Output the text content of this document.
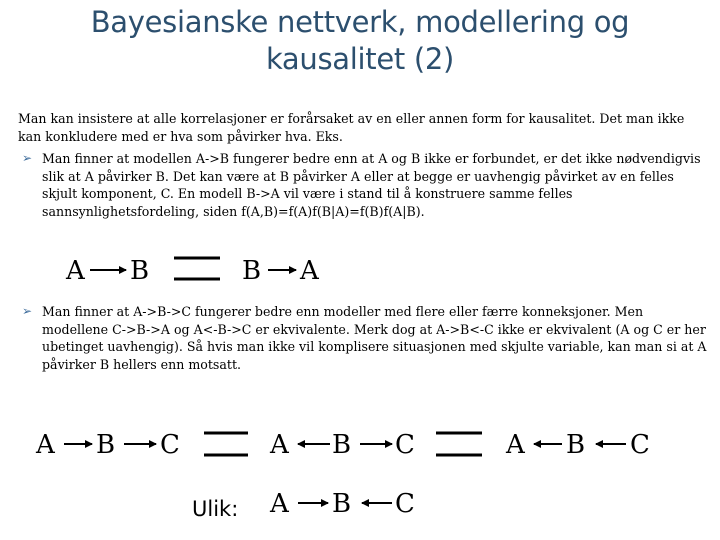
Bayesianske nettverk, modellering og
kausalitet (2)
Man kan insistere at alle korrelasjoner er forårsaket av en eller annen form for kausalitet. Det man ikke kan konkludere med er hva som påvirker hva. Eks.
➢ Man finner at modellen A->B fungerer bedre enn at A og B ikke er forbundet, er det ikke nødvendigvis slik at A påvirker B. Det kan være at B påvirker A eller at begge er uavhengig påvirket av en felles skjult komponent, C. En modell B->A vil være i stand til å konstruere samme felles sannsynlighetsfordeling, siden f(A,B)=f(A)f(B|A)=f(B)f(A|B).
➢ Man finner at A->B->C fungerer bedre enn modeller med flere eller færre konneksjoner. Men modellene C->B->A og A<-B->C er ekvivalente. Merk dog at A->B<-C ikke er ekvivalent (A og C er her ubetinget uavhengig). Så hvis man ikke vil komplisere situasjonen med skjulte variable, kan man si at A påvirker B hellers enn motsatt.
A B	B A
A B C	A B C	A B C
Ulik: A B C
